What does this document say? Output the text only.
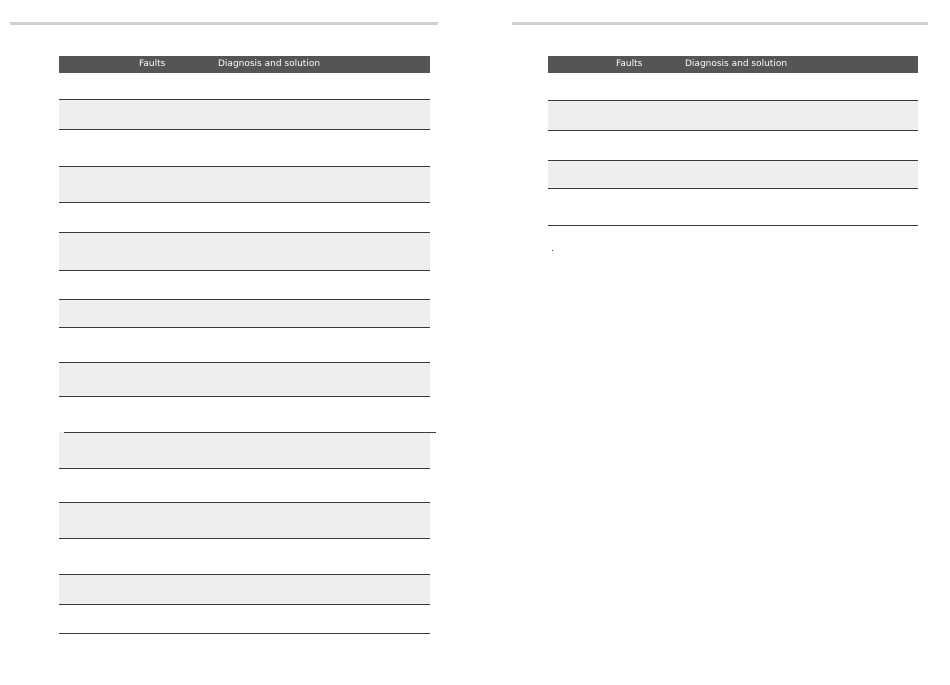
Faults	Diagnosis and solution	Faults	Diagnosis and solution
